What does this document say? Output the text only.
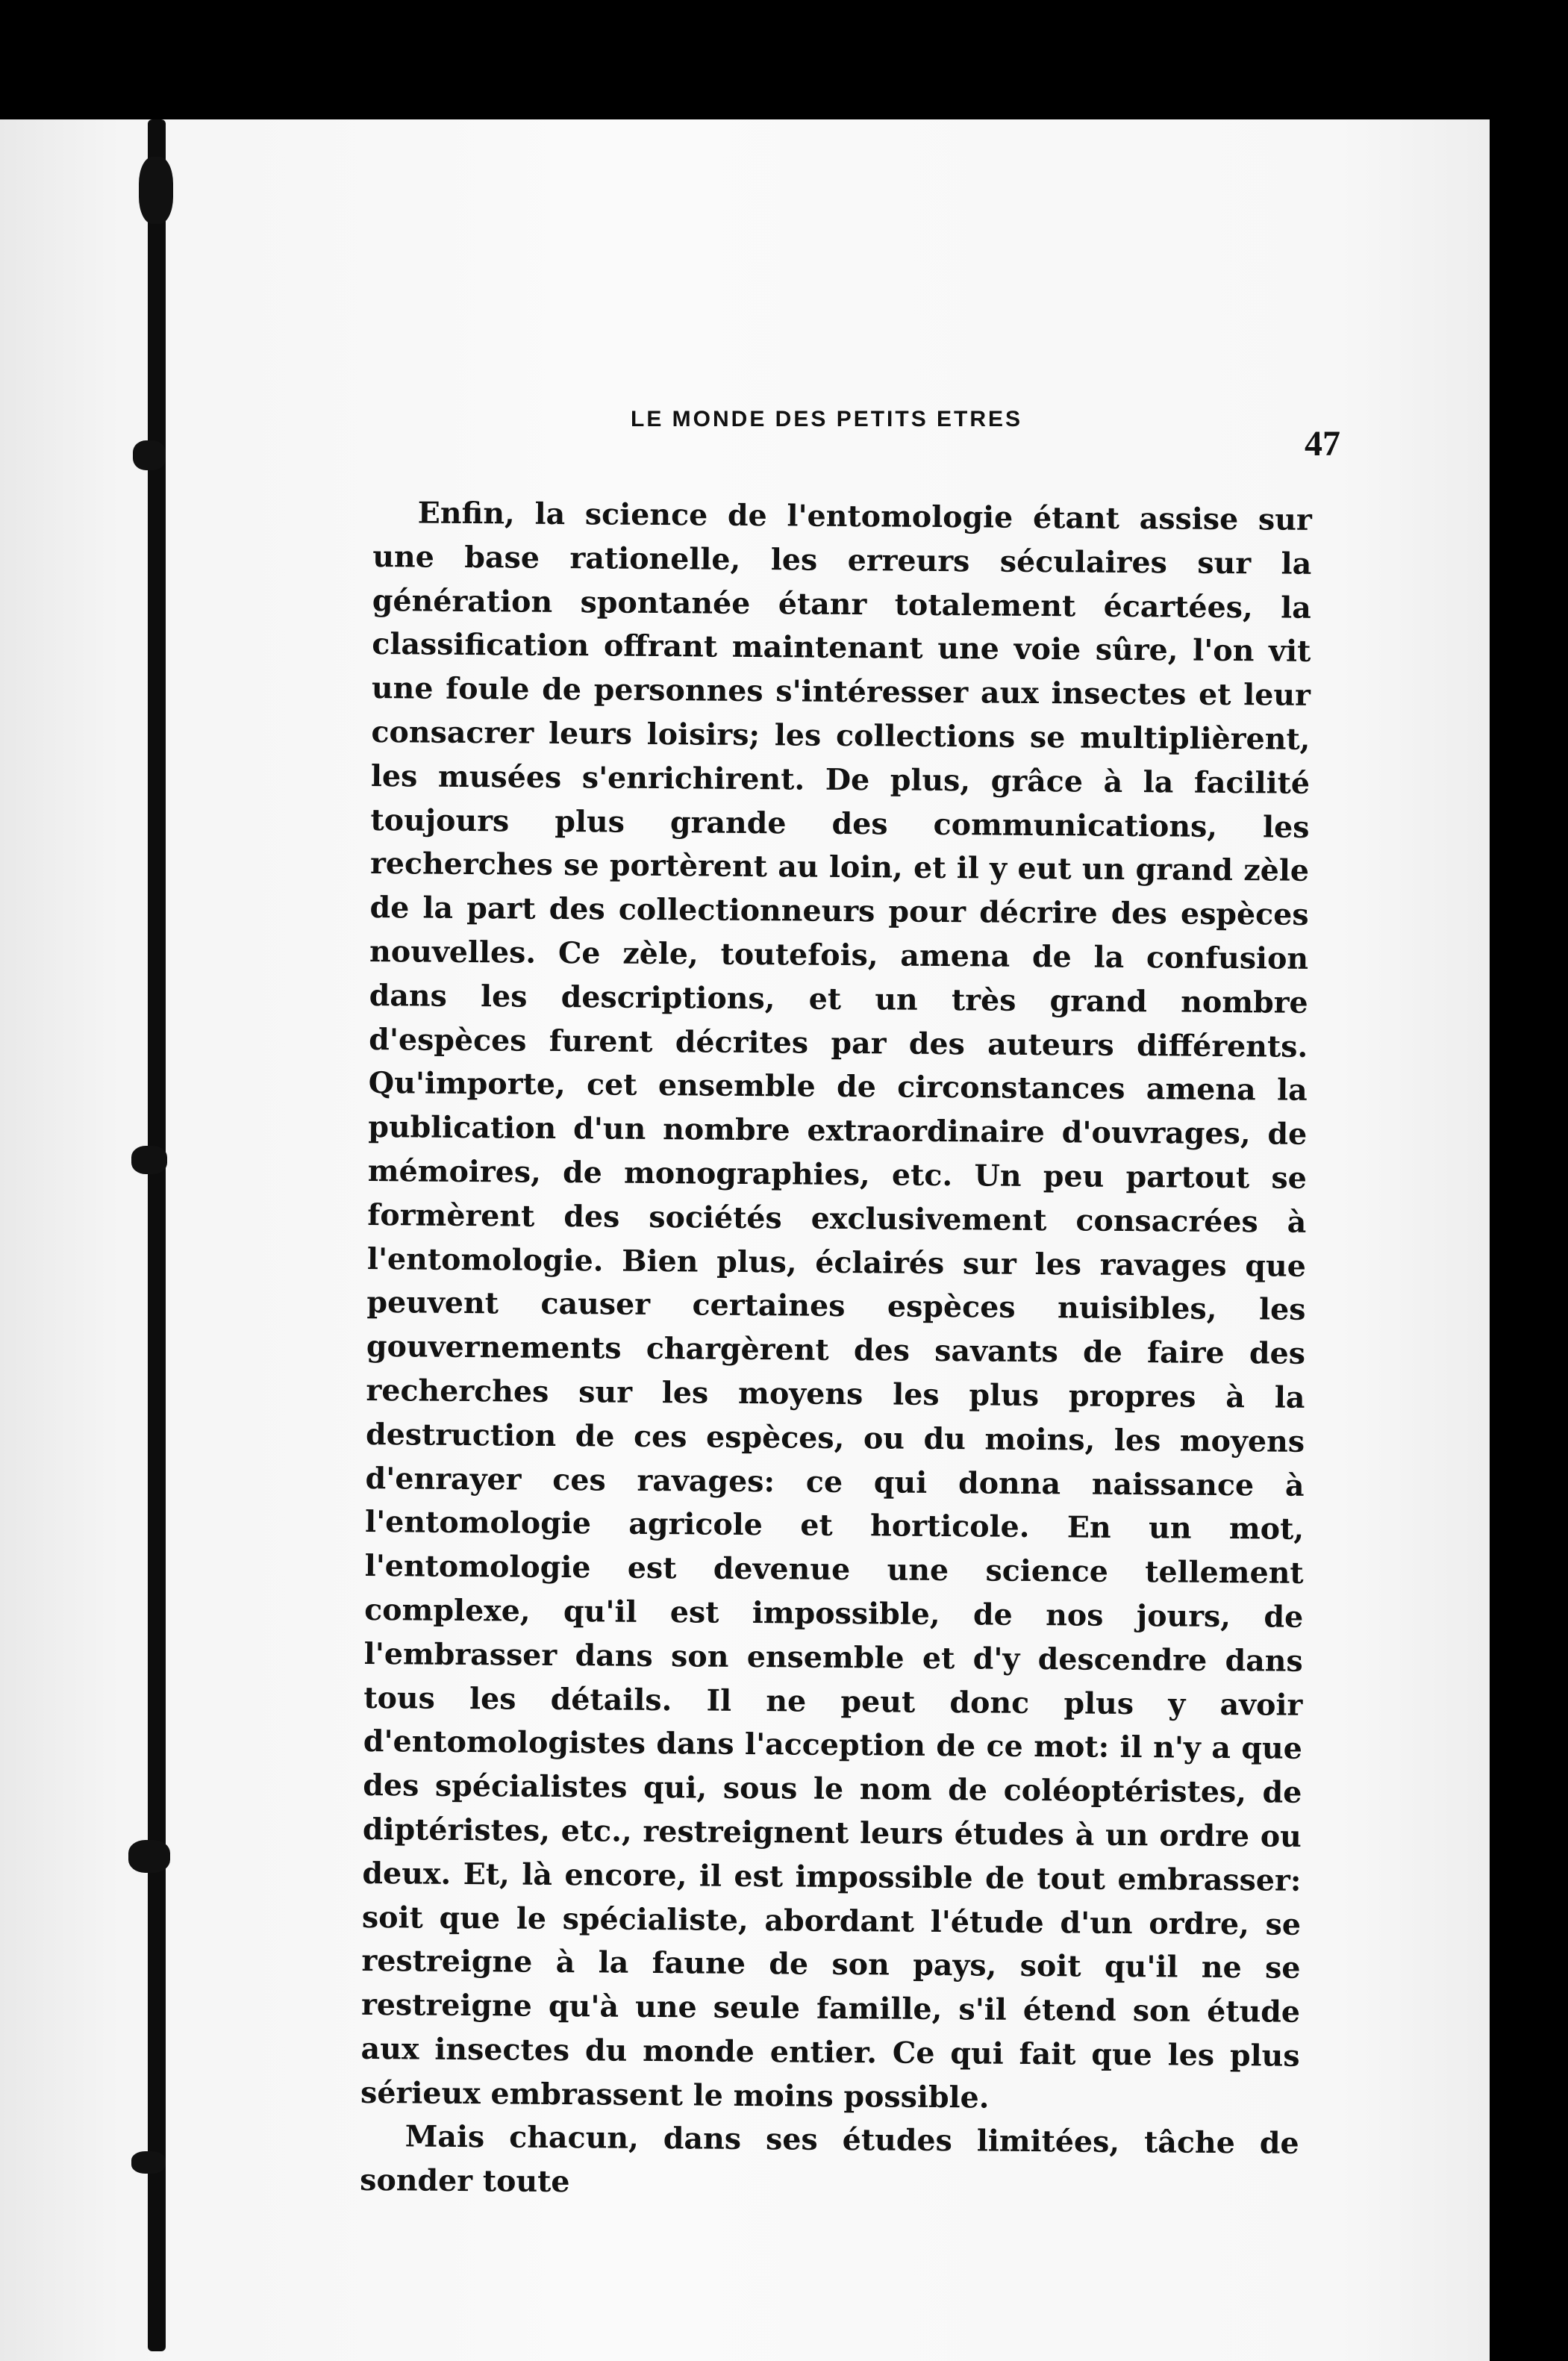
LE MONDE DES PETITS ETRES
47

Enfin, la science de l'entomologie étant assise sur une base rationelle, les erreurs séculaires sur la génération spontanée étanr totalement écartées, la classification offrant maintenant une voie sûre, l'on vit une foule de personnes s'intéresser aux insectes et leur consacrer leurs loisirs; les collections se multiplièrent, les musées s'enrichirent. De plus, grâce à la facilité toujours plus grande des communications, les recherches se portèrent au loin, et il y eut un grand zèle de la part des collectionneurs pour décrire des espèces nouvelles. Ce zèle, toutefois, amena de la confusion dans les descriptions, et un très grand nombre d'espèces furent décrites par des auteurs différents. Qu'importe, cet ensemble de circonstances amena la publication d'un nombre extraordinaire d'ouvrages, de mémoires, de monographies, etc. Un peu partout se formèrent des sociétés exclusivement consacrées à l'entomologie. Bien plus, éclairés sur les ravages que peuvent causer certaines espèces nuisibles, les gouvernements chargèrent des savants de faire des recherches sur les moyens les plus propres à la destruction de ces espèces, ou du moins, les moyens d'enrayer ces ravages: ce qui donna naissance à l'entomologie agricole et horticole. En un mot, l'entomologie est devenue une science tellement complexe, qu'il est impossible, de nos jours, de l'embrasser dans son ensemble et d'y descendre dans tous les détails. Il ne peut donc plus y avoir d'entomologistes dans l'acception de ce mot: il n'y a que des spécialistes qui, sous le nom de coléoptéristes, de diptéristes, etc., restreignent leurs études à un ordre ou deux. Et, là encore, il est impossible de tout embrasser: soit que le spécialiste, abordant l'étude d'un ordre, se restreigne à la faune de son pays, soit qu'il ne se restreigne qu'à une seule famille, s'il étend son étude aux insectes du monde entier. Ce qui fait que les plus sérieux embrassent le moins possible.

Mais chacun, dans ses études limitées, tâche de sonder toute
